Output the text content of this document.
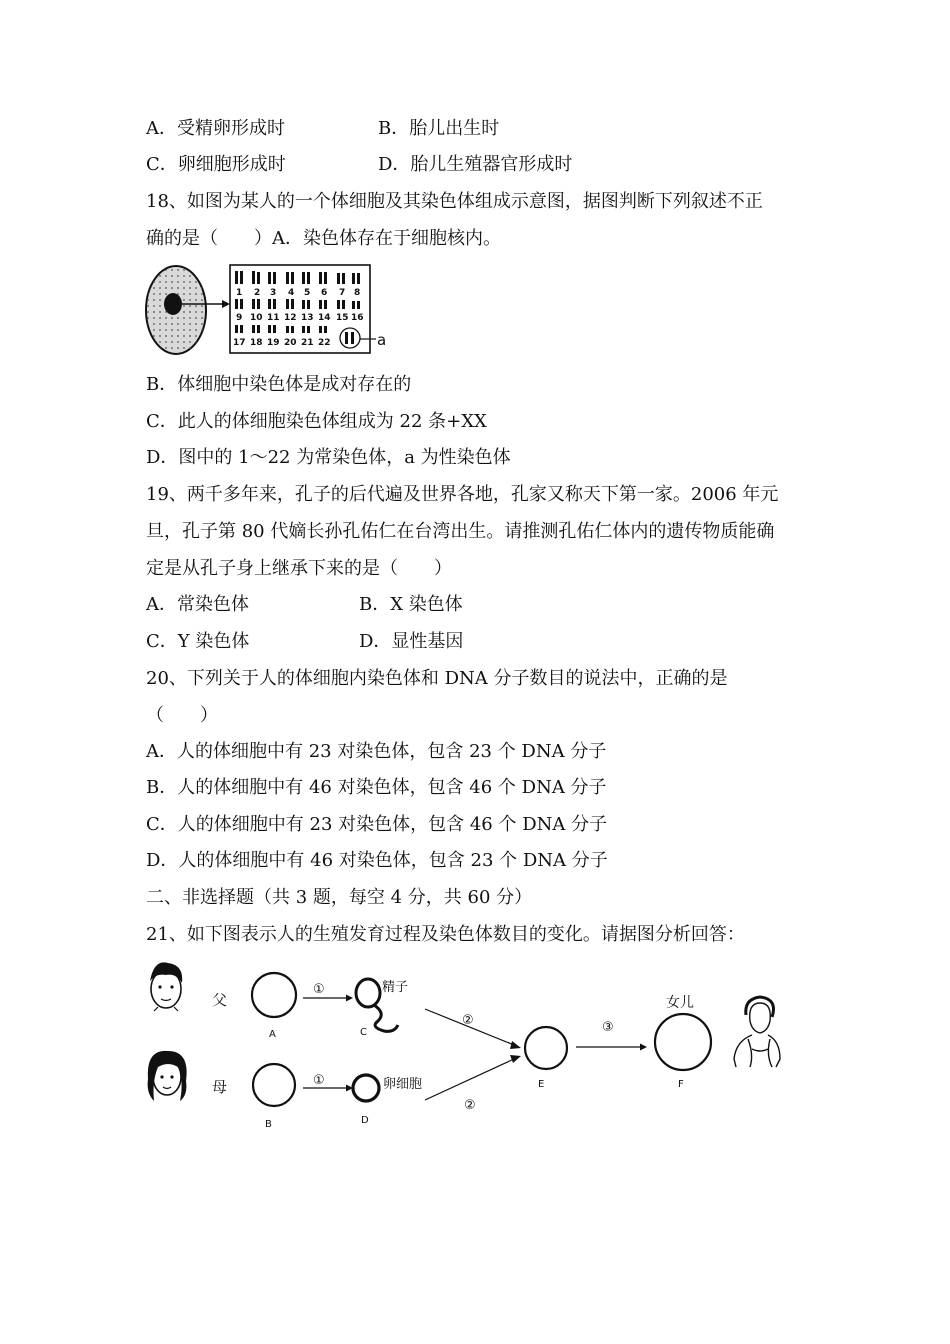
A．受精卵形成时	B．胎儿出生时
C．卵细胞形成时	D．胎儿生殖器官形成时
18、如图为某人的一个体细胞及其染色体组成示意图，据图判断下列叙述不正
确的是（　　）A．染色体存在于细胞核内。
1 2 3 4 5 6 7 8
9 10 11 12 13 14 15 16
17 18 19 20 21 22	a
B．体细胞中染色体是成对存在的
C．此人的体细胞染色体组成为 22 条+XX
D．图中的 1～22 为常染色体，a 为性染色体
19、两千多年来，孔子的后代遍及世界各地，孔家又称天下第一家。2006 年元
旦，孔子第 80 代嫡长孙孔佑仁在台湾出生。请推测孔佑仁体内的遗传物质能确
定是从孔子身上继承下来的是（　　）
A．常染色体	B．X 染色体
C．Y 染色体	D．显性基因
20、下列关于人的体细胞内染色体和 DNA 分子数目的说法中，正确的是
（　　）
A．人的体细胞中有 23 对染色体，包含 23 个 DNA 分子
B．人的体细胞中有 46 对染色体，包含 46 个 DNA 分子
C．人的体细胞中有 23 对染色体，包含 46 个 DNA 分子
D．人的体细胞中有 46 对染色体，包含 23 个 DNA 分子
二、非选择题（共 3 题，每空 4 分，共 60 分）
21、如下图表示人的生殖发育过程及染色体数目的变化。请据图分析回答：
父
母
A
B
①
①
精子
C
卵细胞
D
②
②
E
③
女儿
F
